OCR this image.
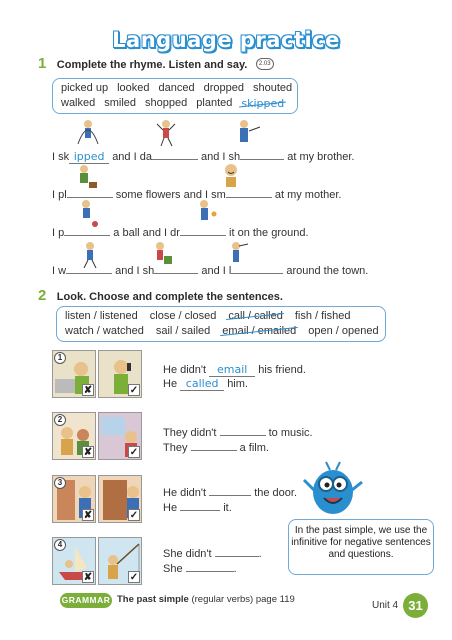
Language practice
1 Complete the rhyme. Listen and say. 2.03
picked up looked danced dropped shouted
walked smiled shopped planted skipped
I sk ipped and I da	and I sh	at my brother.
I pl	some flowers and I sm	at my mother.
I p	a ball and I dr	it on the ground.
I w	and I sh	and I l	around the town.
2 Look. Choose and complete the sentences.
listen / listened close / closed call / called fish / fished
watch / watched sail / sailed email / emailed open / opened
✘	✓
1
✘	✓
2
✘	✓
3
✘	✓
4
He didn't email his friend.
He called him.
They didn't	to music.
They	a film.
He didn't	the door.
He	it.
She didn't	.
She	.
In the past simple, we use the infinitive for negative sentences and questions.
GRAMMAR The past simple (regular verbs) page 119
Unit 4 31
